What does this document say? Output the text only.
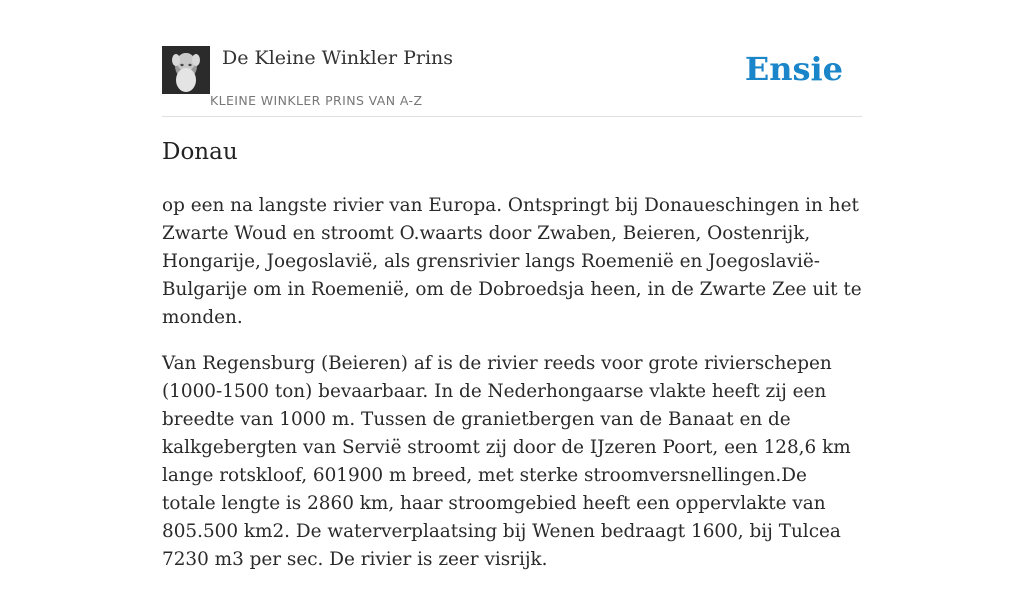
De Kleine Winkler Prins
KLEINE WINKLER PRINS VAN A-Z
Ensie
Donau

op een na langste rivier van Europa. Ontspringt bij Donaueschingen in het Zwarte Woud en stroomt O.waarts door Zwaben, Beieren, Oostenrijk, Hongarije, Joegoslavië, als grensrivier langs Roemenië en Joegoslavië-Bulgarije om in Roemenië, om de Dobroedsja heen, in de Zwarte Zee uit te monden.

Van Regensburg (Beieren) af is de rivier reeds voor grote rivierschepen (1000-1500 ton) bevaarbaar. In de Nederhongaarse vlakte heeft zij een breedte van 1000 m. Tussen de granietbergen van de Banaat en de kalkgebergten van Servië stroomt zij door de IJzeren Poort, een 128,6 km lange rotskloof, 601900 m breed, met sterke stroomversnellingen.De totale lengte is 2860 km, haar stroomgebied heeft een oppervlakte van 805.500 km2. De waterverplaatsing bij Wenen bedraagt 1600, bij Tulcea 7230 m3 per sec. De rivier is zeer visrijk.
